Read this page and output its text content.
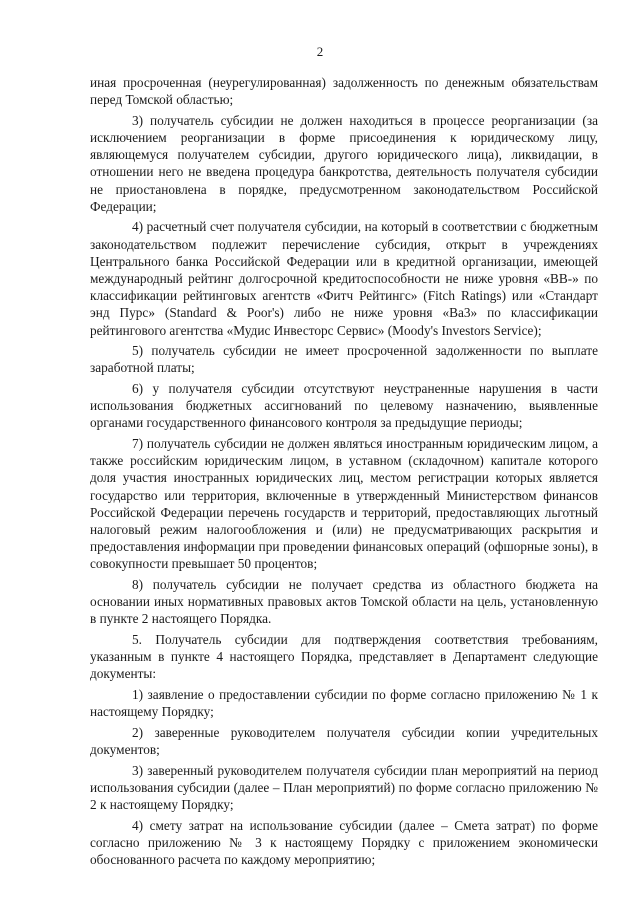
2

иная просроченная (неурегулированная) задолженность по денежным обязательствам перед Томской областью;

3) получатель субсидии не должен находиться в процессе реорганизации (за исключением реорганизации в форме присоединения к юридическому лицу, являющемуся получателем субсидии, другого юридического лица), ликвидации, в отношении него не введена процедура банкротства, деятельность получателя субсидии не приостановлена в порядке, предусмотренном законодательством Российской Федерации;

4) расчетный счет получателя субсидии, на который в соответствии с бюджетным законодательством подлежит перечисление субсидия, открыт в учреждениях Центрального банка Российской Федерации или в кредитной организации, имеющей международный рейтинг долгосрочной кредитоспособности не ниже уровня «ВВ-» по классификации рейтинговых агентств «Фитч Рейтингс» (Fitch Ratings) или «Стандарт энд Пурс» (Standard & Poor's) либо не ниже уровня «Ва3» по классификации рейтингового агентства «Мудис Инвесторс Сервис» (Moody's Investors Service);

5) получатель субсидии не имеет просроченной задолженности по выплате заработной платы;

6) у получателя субсидии отсутствуют неустраненные нарушения в части использования бюджетных ассигнований по целевому назначению, выявленные органами государственного финансового контроля за предыдущие периоды;

7) получатель субсидии не должен являться иностранным юридическим лицом, а также российским юридическим лицом, в уставном (складочном) капитале которого доля участия иностранных юридических лиц, местом регистрации которых является государство или территория, включенные в утвержденный Министерством финансов Российской Федерации перечень государств и территорий, предоставляющих льготный налоговый режим налогообложения и (или) не предусматривающих раскрытия и предоставления информации при проведении финансовых операций (офшорные зоны), в совокупности превышает 50 процентов;

8) получатель субсидии не получает средства из областного бюджета на основании иных нормативных правовых актов Томской области на цель, установленную в пункте 2 настоящего Порядка.

5. Получатель субсидии для подтверждения соответствия требованиям, указанным в пункте 4 настоящего Порядка, представляет в Департамент следующие документы:

1) заявление о предоставлении субсидии по форме согласно приложению № 1 к настоящему Порядку;

2) заверенные руководителем получателя субсидии копии учредительных документов;

3) заверенный руководителем получателя субсидии план мероприятий на период использования субсидии (далее – План мероприятий) по форме согласно приложению № 2 к настоящему Порядку;

4) смету затрат на использование субсидии (далее – Смета затрат) по форме согласно приложению № 3 к настоящему Порядку с приложением экономически обоснованного расчета по каждому мероприятию;
